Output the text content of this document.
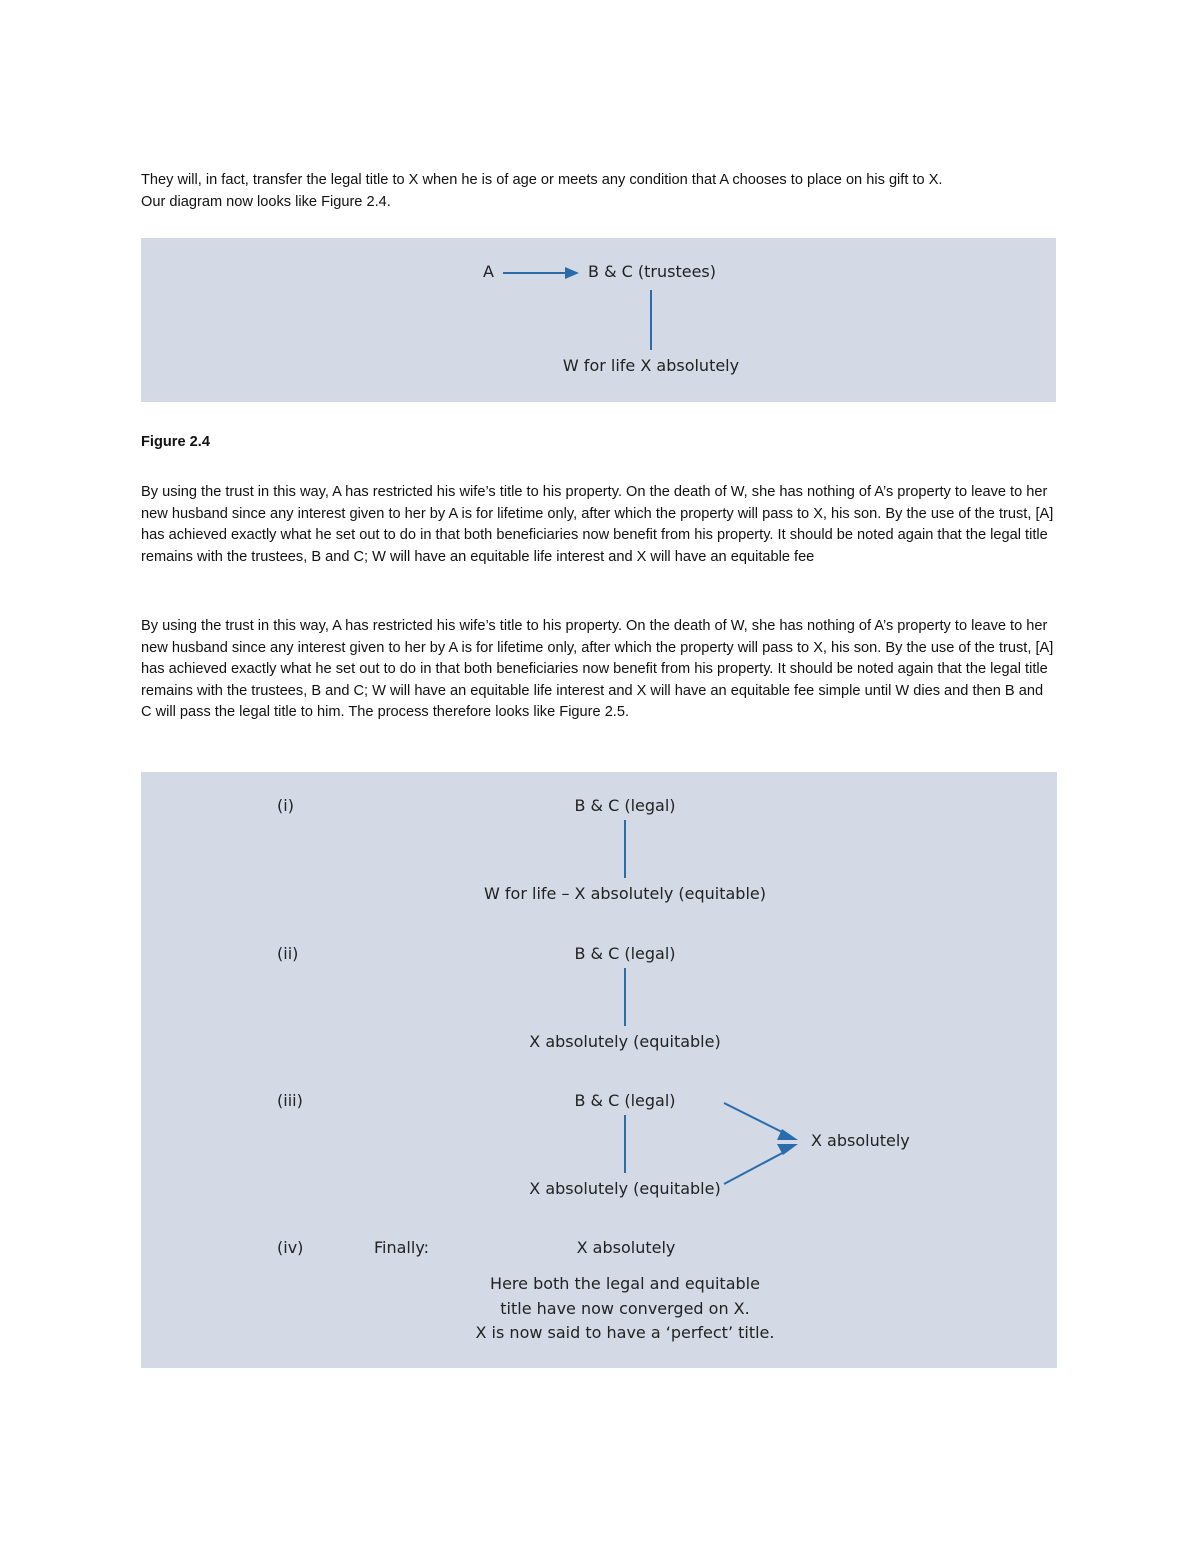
They will, in fact, transfer the legal title to X when he is of age or meets any condition that A chooses to place on his gift to X.
Our diagram now looks like Figure 2.4.

A	B & C (trustees)
W for life X absolutely

Figure 2.4

By using the trust in this way, A has restricted his wife’s title to his property. On the death of W, she has nothing of A’s property to leave to her new husband since any interest given to her by A is for lifetime only, after which the property will pass to X, his son. By the use of the trust, [A] has achieved exactly what he set out to do in that both beneficiaries now benefit from his property. It should be noted again that the legal title remains with the trustees, B and C; W will have an equitable life interest and X will have an equitable fee

By using the trust in this way, A has restricted his wife’s title to his property. On the death of W, she has nothing of A’s property to leave to her new husband since any interest given to her by A is for lifetime only, after which the property will pass to X, his son. By the use of the trust, [A] has achieved exactly what he set out to do in that both beneficiaries now benefit from his property. It should be noted again that the legal title remains with the trustees, B and C; W will have an equitable life interest and X will have an equitable fee simple until W dies and then B and C will pass the legal title to him. The process therefore looks like Figure 2.5.

(i)	B & C (legal)
W for life – X absolutely (equitable)
(ii)	B & C (legal)
X absolutely (equitable)
(iii)	B & C (legal)
X absolutely (equitable)
X absolutely
(iv)	Finally:	X absolutely
Here both the legal and equitable
title have now converged on X.
X is now said to have a ‘perfect’ title.
